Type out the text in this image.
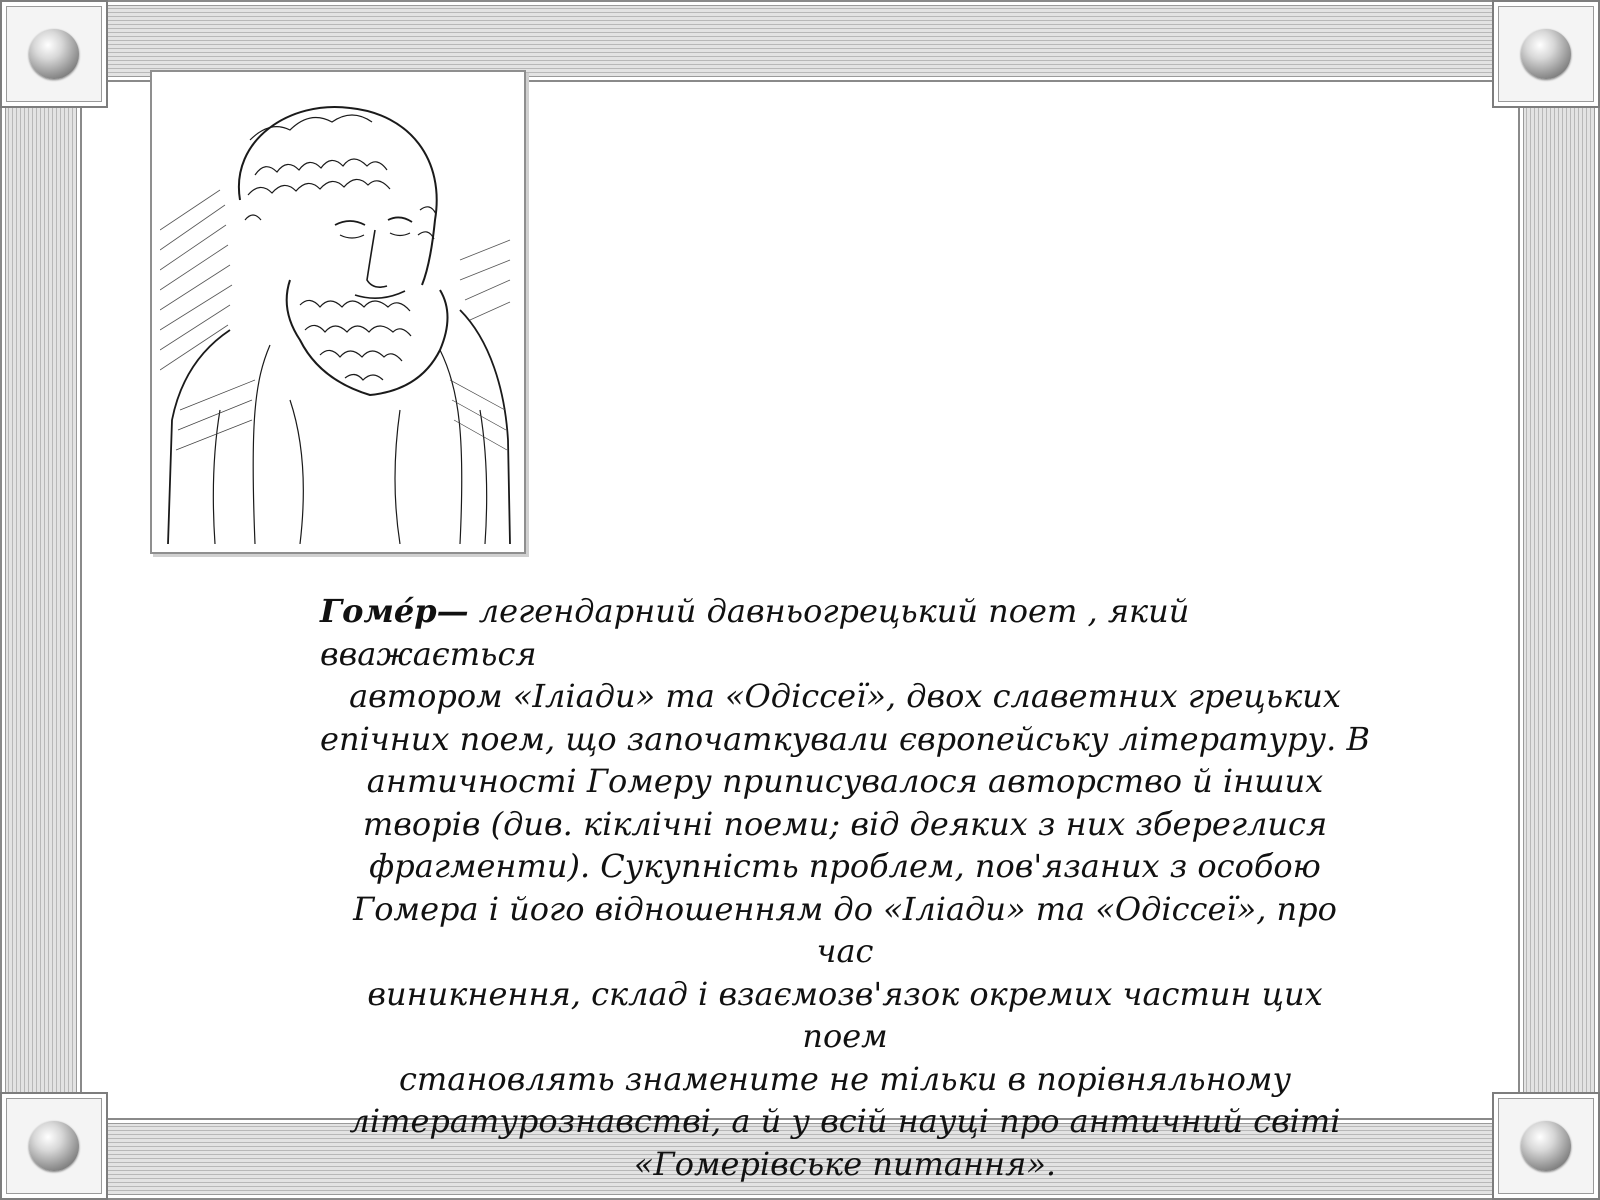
Гоме́р— легендарний давньогрецький поет , який вважається

автором «Іліади» та «Одіссеї», двох славетних грецьких

епічних поем, що започаткували європейську літературу. В

античності Гомеру приписувалося авторство й інших

творів (див. кіклічні поеми; від деяких з них збереглися

фрагменти). Сукупність проблем, пов'язаних з особою

Гомера і його відношенням до «Іліади» та «Одіссеї», про час

виникнення, склад і взаємозв'язок окремих частин цих поем

становлять знамените не тільки в порівняльному

літературознавстві, а й у всій науці про античний світі

«Гомерівське питання».
